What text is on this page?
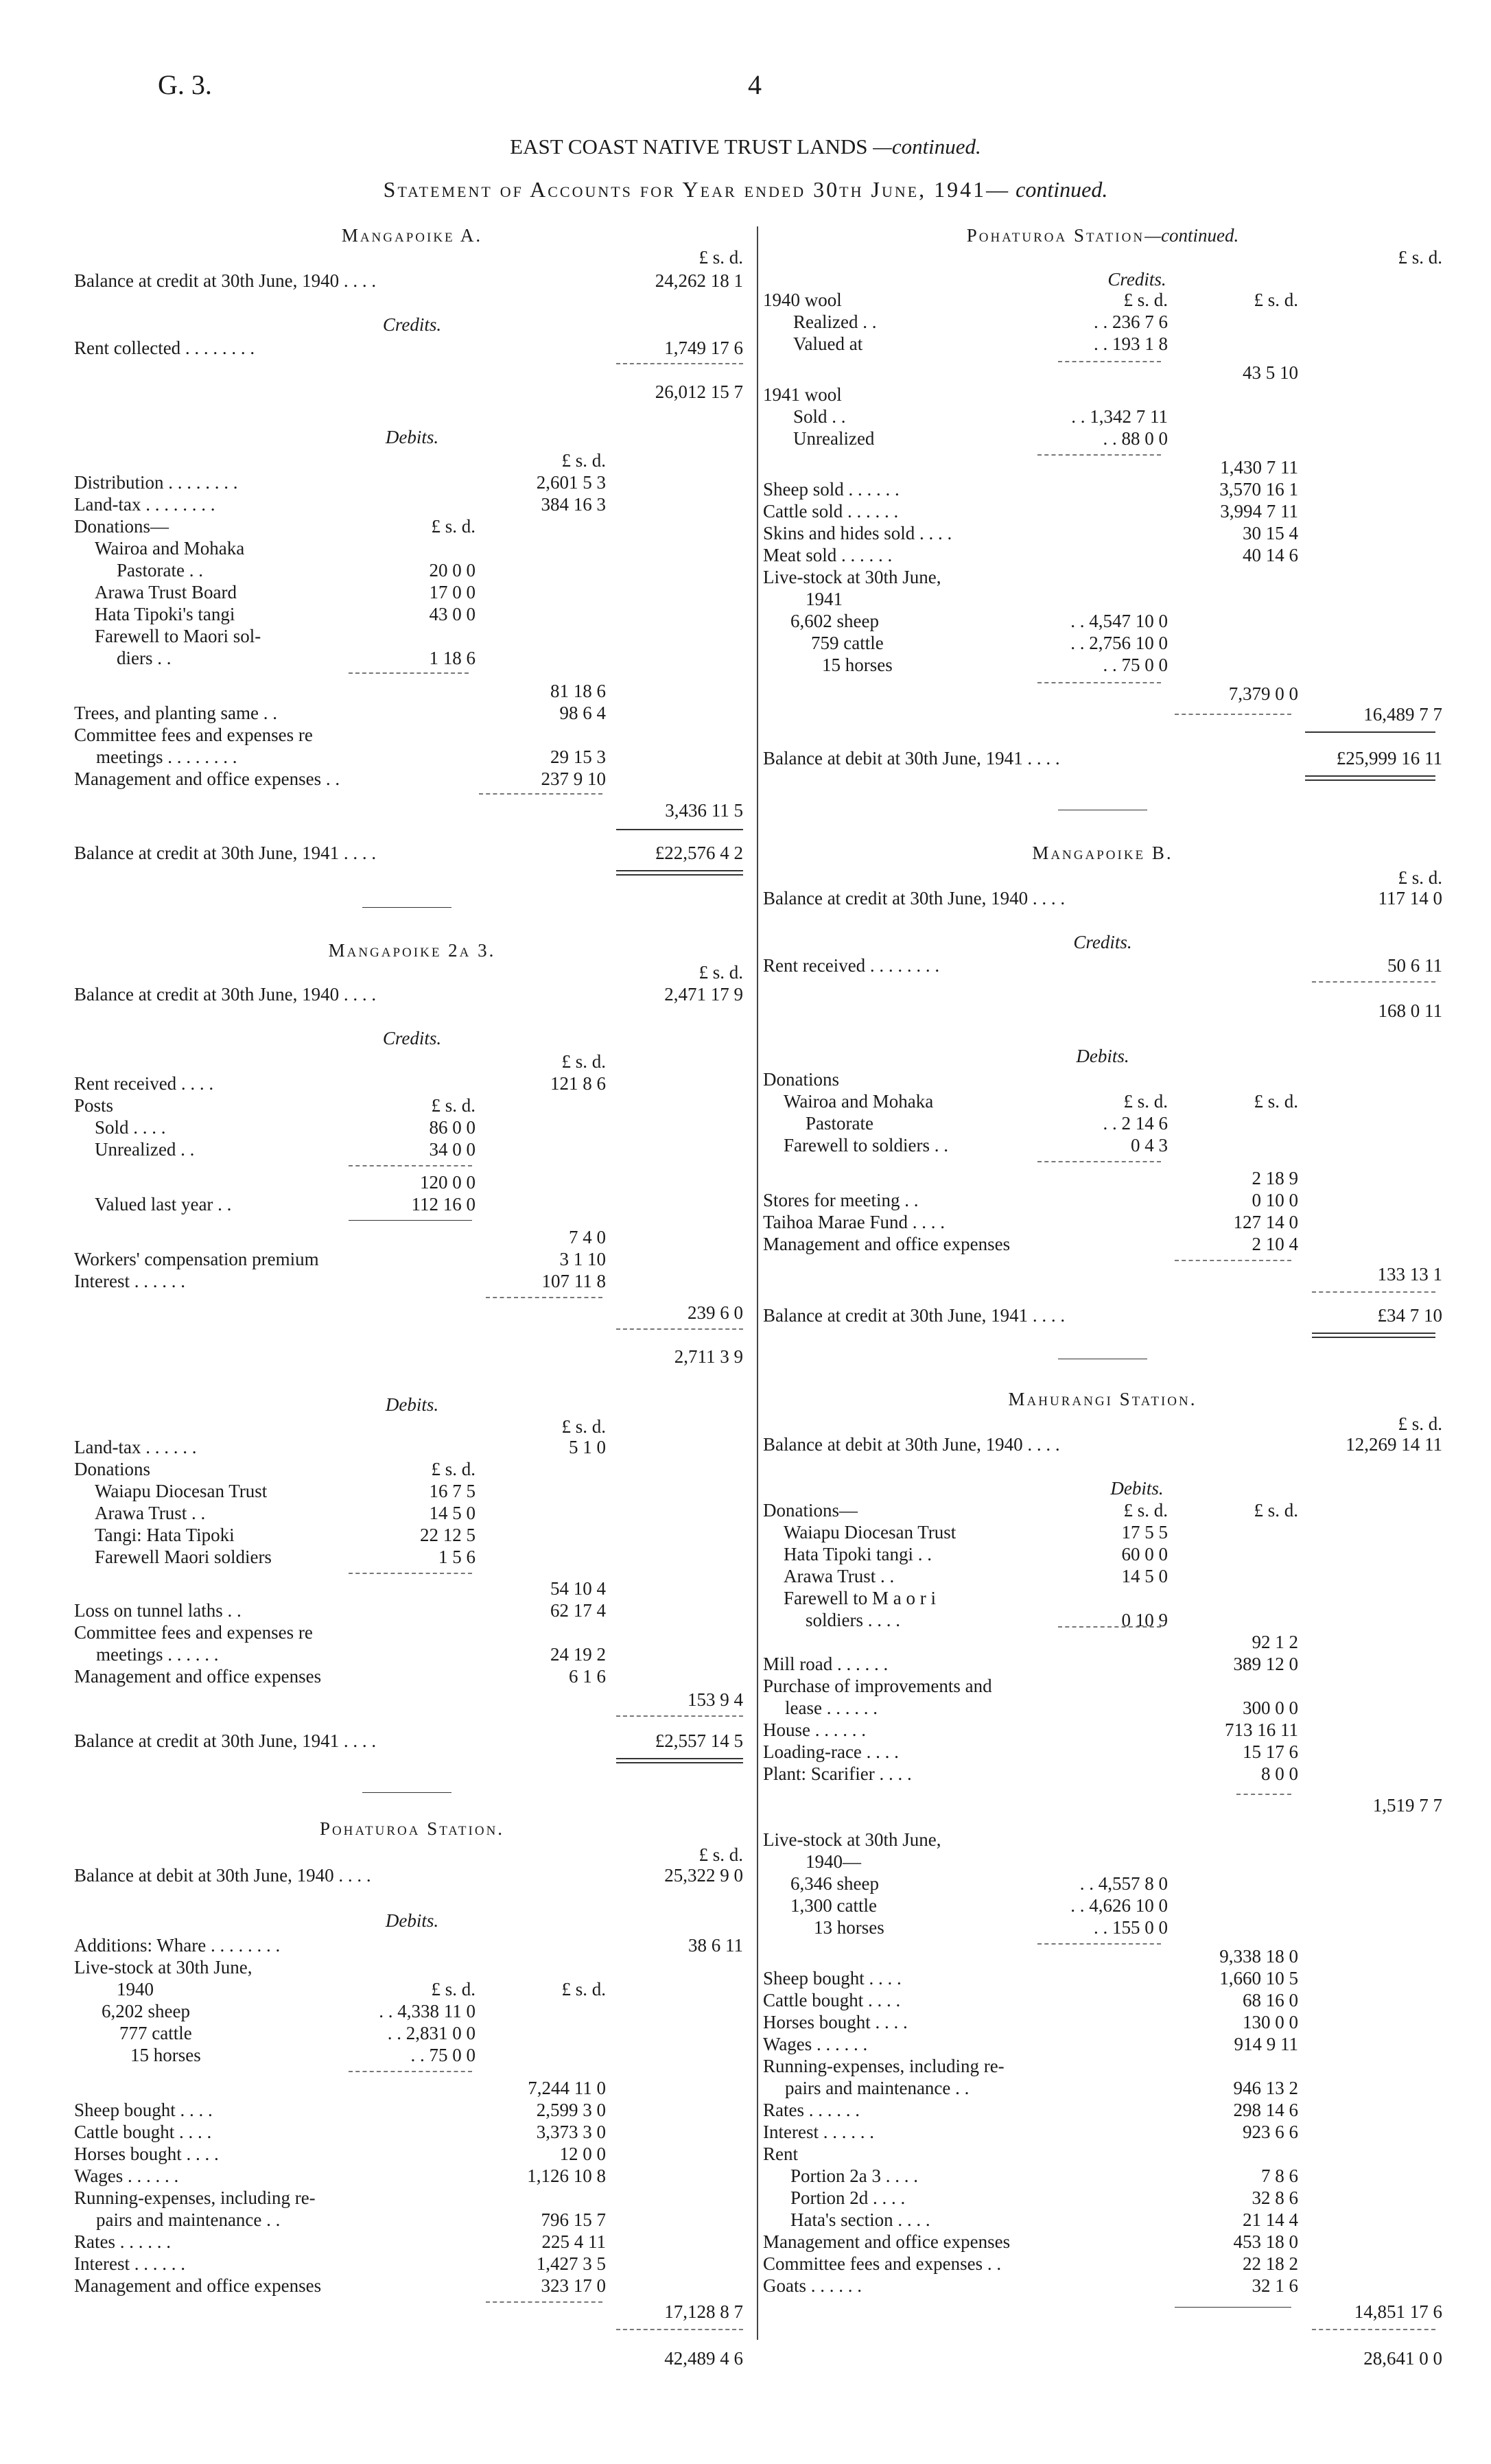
G. 3.	4
EAST COAST NATIVE TRUST LANDS —continued.
Statement of Accounts for Year ended 30th June, 1941— continued.
Mangapoike A.
£ s. d.
Balance at credit at 30th June, 1940 . . . .	24,262 18 1
Credits.
Rent collected . . . . . . . .	1,749 17 6
26,012 15 7
Debits.
£ s. d.
Distribution . . . . . . . .	2,601 5 3
Land-tax . . . . . . . .	384 16 3
Donations—	£ s. d.
Wairoa and Mohaka
Pastorate . .	20 0 0
Arawa Trust Board	17 0 0
Hata Tipoki's tangi	43 0 0
Farewell to Maori sol-
diers . .	1 18 6
81 18 6
Trees, and planting same . .	98 6 4
Committee fees and expenses re
meetings . . . . . . . .	29 15 3
Management and office expenses . .	237 9 10
3,436 11 5
Balance at credit at 30th June, 1941 . . . .	£22,576 4 2
Mangapoike 2a 3.
£ s. d.
Balance at credit at 30th June, 1940 . . . .	2,471 17 9
Credits.
£ s. d.
Rent received . . . .	121 8 6
Posts	£ s. d.
Sold . . . .	86 0 0
Unrealized . .	34 0 0
120 0 0
Valued last year . .	112 16 0
7 4 0
Workers' compensation premium	3 1 10
Interest . . . . . .	107 11 8
239 6 0
2,711 3 9
Debits.
£ s. d.
Land-tax . . . . . .	5 1 0
Donations	£ s. d.
Waiapu Diocesan Trust	16 7 5
Arawa Trust . .	14 5 0
Tangi: Hata Tipoki	22 12 5
Farewell Maori soldiers	1 5 6
54 10 4
Loss on tunnel laths . .	62 17 4
Committee fees and expenses re
meetings . . . . . .	24 19 2
Management and office expenses	6 1 6
153 9 4
Balance at credit at 30th June, 1941 . . . .	£2,557 14 5
Pohaturoa Station.
£ s. d.
Balance at debit at 30th June, 1940 . . . .	25,322 9 0
Debits.
Additions: Whare . . . . . . . .	38 6 11
Live-stock at 30th June,
1940	£ s. d.	£ s. d.
6,202 sheep	. . 4,338 11 0
777 cattle	. . 2,831 0 0
15 horses	. . 75 0 0
7,244 11 0
Sheep bought . . . .	2,599 3 0
Cattle bought . . . .	3,373 3 0
Horses bought . . . .	12 0 0
Wages . . . . . .	1,126 10 8
Running-expenses, including re-
pairs and maintenance . .	796 15 7
Rates . . . . . .	225 4 11
Interest . . . . . .	1,427 3 5
Management and office expenses	323 17 0
17,128 8 7
42,489 4 6
Pohaturoa Station—continued.
£ s. d.
Credits.
1940 wool	£ s. d.	£ s. d.
Realized . .	. . 236 7 6
Valued at	. . 193 1 8
43 5 10
1941 wool
Sold . .	. . 1,342 7 11
Unrealized	. . 88 0 0
1,430 7 11
Sheep sold . . . . . .	3,570 16 1
Cattle sold . . . . . .	3,994 7 11
Skins and hides sold . . . .	30 15 4
Meat sold . . . . . .	40 14 6
Live-stock at 30th June,
1941
6,602 sheep	. . 4,547 10 0
759 cattle	. . 2,756 10 0
15 horses	. . 75 0 0
7,379 0 0
16,489 7 7
Balance at debit at 30th June, 1941 . . . .	£25,999 16 11
Mangapoike B.
£ s. d.
Balance at credit at 30th June, 1940 . . . .	117 14 0
Credits.
Rent received . . . . . . . .	50 6 11
168 0 11
Debits.
Donations
Wairoa and Mohaka	£ s. d.	£ s. d.
Pastorate	. . 2 14 6
Farewell to soldiers . .	0 4 3
2 18 9
Stores for meeting . .	0 10 0
Taihoa Marae Fund . . . .	127 14 0
Management and office expenses	2 10 4
133 13 1
Balance at credit at 30th June, 1941 . . . .	£34 7 10
Mahurangi Station.
£ s. d.
Balance at debit at 30th June, 1940 . . . .	12,269 14 11
Debits.
Donations—	£ s. d.	£ s. d.
Waiapu Diocesan Trust	17 5 5
Hata Tipoki tangi . .	60 0 0
Arawa Trust . .	14 5 0
Farewell to M a o r i
soldiers . . . .	0 10 9
92 1 2
Mill road . . . . . .	389 12 0
Purchase of improvements and
lease . . . . . .	300 0 0
House . . . . . .	713 16 11
Loading-race . . . .	15 17 6
Plant: Scarifier . . . .	8 0 0
1,519 7 7
Live-stock at 30th June,
1940—
6,346 sheep	. . 4,557 8 0
1,300 cattle	. . 4,626 10 0
13 horses	. . 155 0 0
9,338 18 0
Sheep bought . . . .	1,660 10 5
Cattle bought . . . .	68 16 0
Horses bought . . . .	130 0 0
Wages . . . . . .	914 9 11
Running-expenses, including re-
pairs and maintenance . .	946 13 2
Rates . . . . . .	298 14 6
Interest . . . . . .	923 6 6
Rent
Portion 2a 3 . . . .	7 8 6
Portion 2d . . . .	32 8 6
Hata's section . . . .	21 14 4
Management and office expenses	453 18 0
Committee fees and expenses . .	22 18 2
Goats . . . . . .	32 1 6
14,851 17 6
28,641 0 0
